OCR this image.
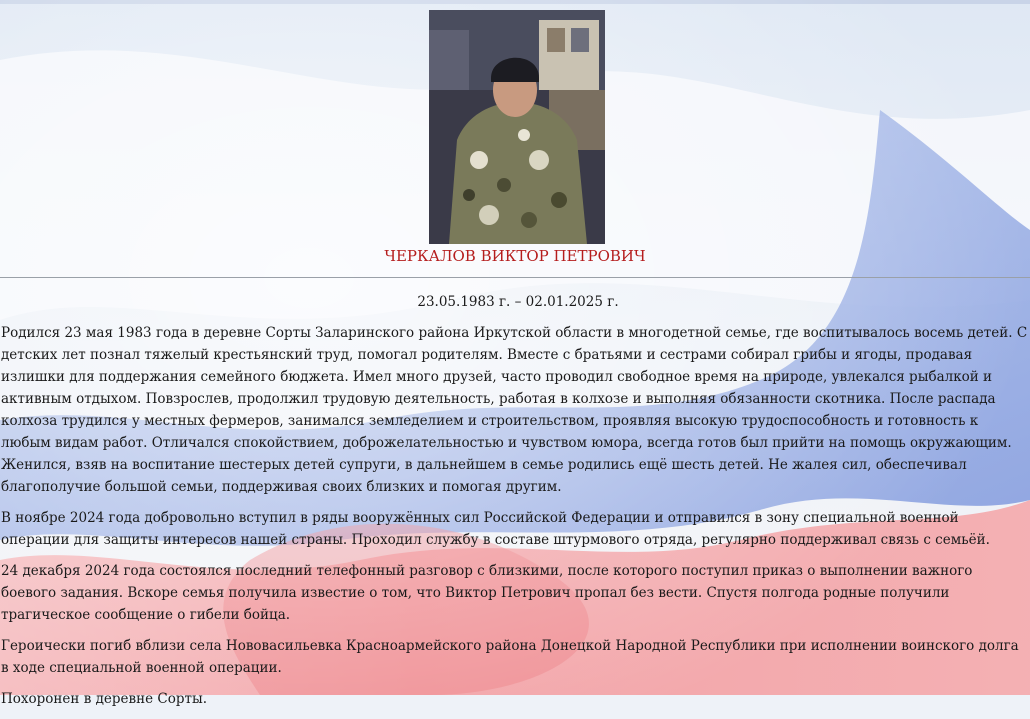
ЧЕРКАЛОВ ВИКТОР ПЕТРОВИЧ
23.05.1983 г. – 02.01.2025 г.

Родился 23 мая 1983 года в деревне Сорты Заларинского района Иркутской области в многодетной семье, где воспитывалось восемь детей. С детских лет познал тяжелый крестьянский труд, помогал родителям. Вместе с братьями и сестрами собирал грибы и ягоды, продавая излишки для поддержания семейного бюджета. Имел много друзей, часто проводил свободное время на природе, увлекался рыбалкой и активным отдыхом. Повзрослев, продолжил трудовую деятельность, работая в колхозе и выполняя обязанности скотника. После распада колхоза трудился у местных фермеров, занимался земледелием и строительством, проявляя высокую трудоспособность и готовность к любым видам работ. Отличался спокойствием, доброжелательностью и чувством юмора, всегда готов был прийти на помощь окружающим.

Женился, взяв на воспитание шестерых детей супруги, в дальнейшем в семье родились ещё шесть детей. Не жалея сил, обеспечивал благополучие большой семьи, поддерживая своих близких и помогая другим.

В ноябре 2024 года добровольно вступил в ряды вооружённых сил Российской Федерации и отправился в зону специальной военной операции для защиты интересов нашей страны. Проходил службу в составе штурмового отряда, регулярно поддерживал связь с семьёй.

24 декабря 2024 года состоялся последний телефонный разговор с близкими, после которого поступил приказ о выполнении важного боевого задания. Вскоре семья получила известие о том, что Виктор Петрович пропал без вести. Спустя полгода родные получили трагическое сообщение о гибели бойца.

Героически погиб вблизи села Нововасильевка Красноармейского района Донецкой Народной Республики при исполнении воинского долга в ходе специальной военной операции.

Похоронен в деревне Сорты.
